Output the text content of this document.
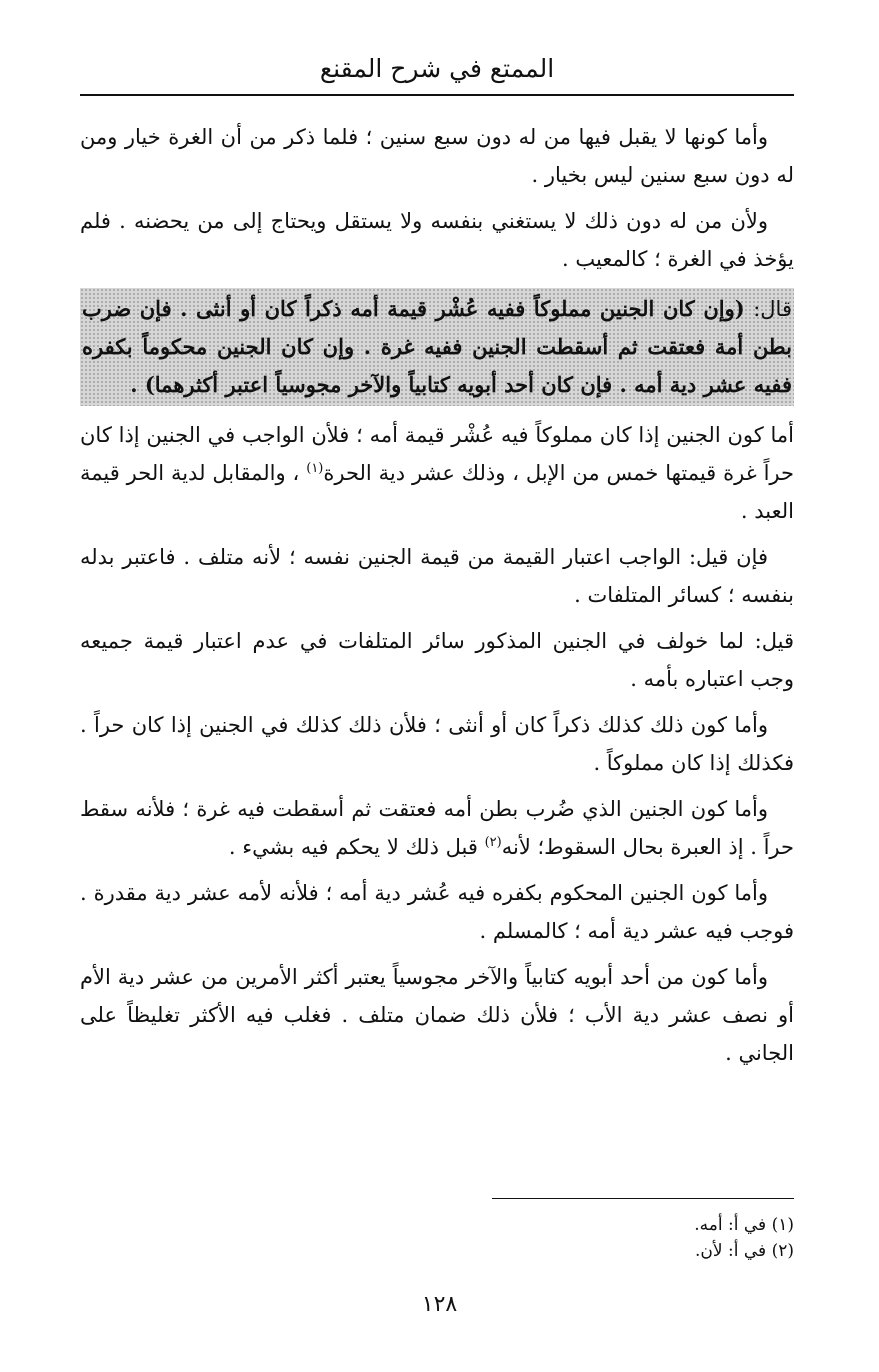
الممتع في شرح المقنع

وأما كونها لا يقبل فيها من له دون سبع سنين ؛ فلما ذكر من أن الغرة خيار ومن له دون سبع سنين ليس بخيار .

ولأن من له دون ذلك لا يستغني بنفسه ولا يستقل ويحتاج إلى من يحضنه . فلم يؤخذ في الغرة ؛ كالمعيب .

قال: (وإن كان الجنين مملوكاً ففيه عُشْر قيمة أمه ذكراً كان أو أنثى . فإن ضرب بطن أمة فعتقت ثم أسقطت الجنين ففيه غرة . وإن كان الجنين محكوماً بكفره ففيه عشر دية أمه . فإن كان أحد أبويه كتابياً والآخر مجوسياً اعتبر أكثرهما) .

أما كون الجنين إذا كان مملوكاً فيه عُشْر قيمة أمه ؛ فلأن الواجب في الجنين إذا كان حراً غرة قيمتها خمس من الإبل ، وذلك عشر دية الحرة$^{(١)}$ ، والمقابل لدية الحر قيمة العبد .

فإن قيل: الواجب اعتبار القيمة من قيمة الجنين نفسه ؛ لأنه متلف . فاعتبر بدله بنفسه ؛ كسائر المتلفات .

قيل: لما خولف في الجنين المذكور سائر المتلفات في عدم اعتبار قيمة جميعه وجب اعتباره بأمه .

وأما كون ذلك كذلك ذكراً كان أو أنثى ؛ فلأن ذلك كذلك في الجنين إذا كان حراً . فكذلك إذا كان مملوكاً .

وأما كون الجنين الذي ضُرب بطن أمه فعتقت ثم أسقطت فيه غرة ؛ فلأنه سقط حراً . إذ العبرة بحال السقوط؛ لأنه$^{(٢)}$ قبل ذلك لا يحكم فيه بشيء .

وأما كون الجنين المحكوم بكفره فيه عُشر دية أمه ؛ فلأنه لأمه عشر دية مقدرة . فوجب فيه عشر دية أمه ؛ كالمسلم .

وأما كون من أحد أبويه كتابياً والآخر مجوسياً يعتبر أكثر الأمرين من عشر دية الأم أو نصف عشر دية الأب ؛ فلأن ذلك ضمان متلف . فغلب فيه الأكثر تغليظاً على الجاني .

(١) في أ: أمه.

(٢) في أ: لأن.

١٢٨
